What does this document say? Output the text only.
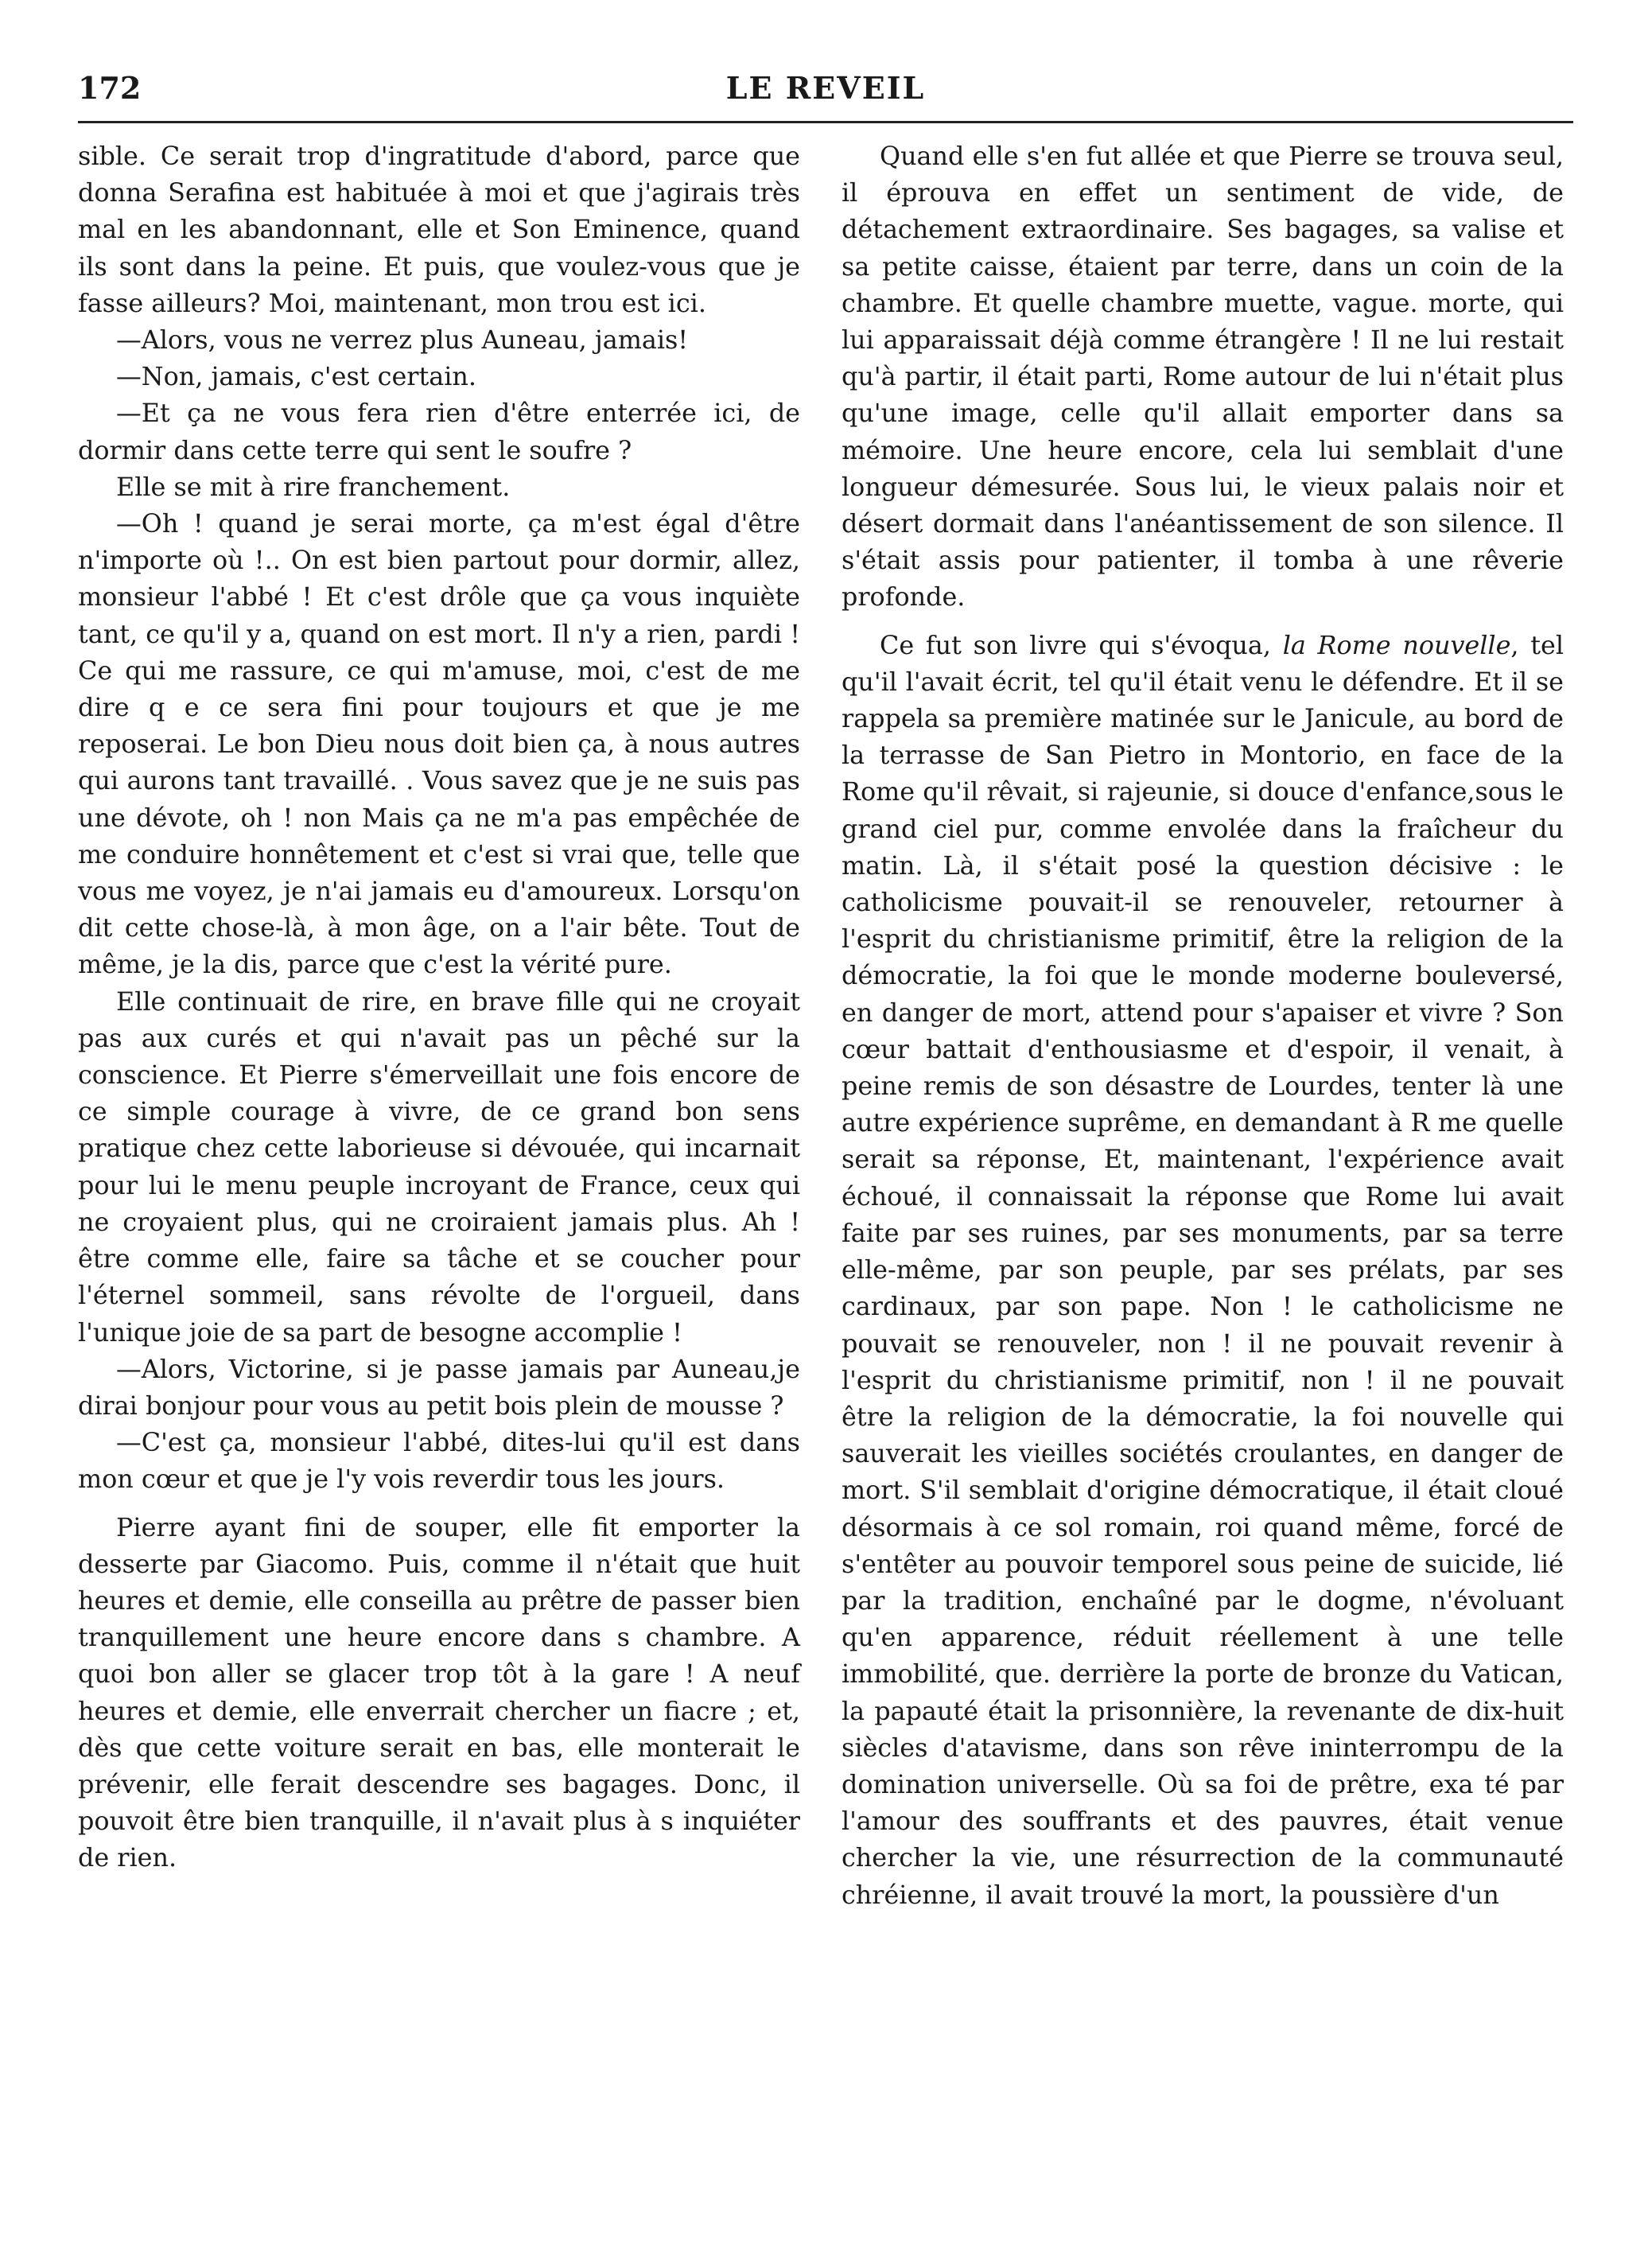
172	LE REVEIL

sible. Ce serait trop d'ingratitude d'abord, parce que donna Serafina est habituée à moi et que j'agirais très mal en les abandonnant, elle et Son Eminence, quand ils sont dans la peine. Et puis, que voulez-vous que je fasse ailleurs? Moi, maintenant, mon trou est ici.

—Alors, vous ne verrez plus Auneau, jamais!

—Non, jamais, c'est certain.

—Et ça ne vous fera rien d'être enterrée ici, de dormir dans cette terre qui sent le soufre ?

Elle se mit à rire franchement.

—Oh ! quand je serai morte, ça m'est égal d'être n'importe où !.. On est bien partout pour dormir, allez, monsieur l'abbé ! Et c'est drôle que ça vous inquiète tant, ce qu'il y a, quand on est mort. Il n'y a rien, pardi ! Ce qui me rassure, ce qui m'amuse, moi, c'est de me dire q e ce sera fini pour toujours et que je me reposerai. Le bon Dieu nous doit bien ça, à nous autres qui aurons tant travaillé. . Vous savez que je ne suis pas une dévote, oh ! non Mais ça ne m'a pas empêchée de me conduire honnêtement et c'est si vrai que, telle que vous me voyez, je n'ai jamais eu d'amoureux. Lorsqu'on dit cette chose-là, à mon âge, on a l'air bête. Tout de même, je la dis, parce que c'est la vérité pure.

Elle continuait de rire, en brave fille qui ne croyait pas aux curés et qui n'avait pas un pêché sur la conscience. Et Pierre s'émerveillait une fois encore de ce simple courage à vivre, de ce grand bon sens pratique chez cette laborieuse si dévouée, qui incarnait pour lui le menu peuple incroyant de France, ceux qui ne croyaient plus, qui ne croiraient jamais plus. Ah ! être comme elle, faire sa tâche et se coucher pour l'éternel sommeil, sans révolte de l'orgueil, dans l'unique joie de sa part de besogne accomplie !

—Alors, Victorine, si je passe jamais par Auneau,je dirai bonjour pour vous au petit bois plein de mousse ?

—C'est ça, monsieur l'abbé, dites-lui qu'il est dans mon cœur et que je l'y vois reverdir tous les jours.

Pierre ayant fini de souper, elle fit emporter la desserte par Giacomo. Puis, comme il n'était que huit heures et demie, elle conseilla au prêtre de passer bien tranquillement une heure encore dans s chambre. A quoi bon aller se glacer trop tôt à la gare ! A neuf heures et demie, elle enverrait chercher un fiacre ; et, dès que cette voiture serait en bas, elle monterait le prévenir, elle ferait descendre ses bagages. Donc, il pouvoit être bien tranquille, il n'avait plus à s inquiéter de rien.

Quand elle s'en fut allée et que Pierre se trouva seul, il éprouva en effet un sentiment de vide, de détachement extraordinaire. Ses bagages, sa valise et sa petite caisse, étaient par terre, dans un coin de la chambre. Et quelle chambre muette, vague. morte, qui lui apparaissait déjà comme étrangère ! Il ne lui restait qu'à partir, il était parti, Rome autour de lui n'était plus qu'une image, celle qu'il allait emporter dans sa mémoire. Une heure encore, cela lui semblait d'une longueur démesurée. Sous lui, le vieux palais noir et désert dormait dans l'anéantissement de son silence. Il s'était assis pour patienter, il tomba à une rêverie profonde.

Ce fut son livre qui s'évoqua, la Rome nouvelle, tel qu'il l'avait écrit, tel qu'il était venu le défendre. Et il se rappela sa première matinée sur le Janicule, au bord de la terrasse de San Pietro in Montorio, en face de la Rome qu'il rêvait, si rajeunie, si douce d'enfance,sous le grand ciel pur, comme envolée dans la fraîcheur du matin. Là, il s'était posé la question décisive : le catholicisme pouvait-il se renouveler, retourner à l'esprit du christianisme primitif, être la religion de la démocratie, la foi que le monde moderne bouleversé, en danger de mort, attend pour s'apaiser et vivre ? Son cœur battait d'enthousiasme et d'espoir, il venait, à peine remis de son désastre de Lourdes, tenter là une autre expérience suprême, en demandant à R me quelle serait sa réponse, Et, maintenant, l'expérience avait échoué, il connaissait la réponse que Rome lui avait faite par ses ruines, par ses monuments, par sa terre elle-même, par son peuple, par ses prélats, par ses cardinaux, par son pape. Non ! le catholicisme ne pouvait se renouveler, non ! il ne pouvait revenir à l'esprit du christianisme primitif, non ! il ne pouvait être la religion de la démocratie, la foi nouvelle qui sauverait les vieilles sociétés croulantes, en danger de mort. S'il semblait d'origine démocratique, il était cloué désormais à ce sol romain, roi quand même, forcé de s'entêter au pouvoir temporel sous peine de suicide, lié par la tradition, enchaîné par le dogme, n'évoluant qu'en apparence, réduit réellement à une telle immobilité, que. derrière la porte de bronze du Vatican, la papauté était la prisonnière, la revenante de dix-huit siècles d'atavisme, dans son rêve ininterrompu de la domination universelle. Où sa foi de prêtre, exa té par l'amour des souffrants et des pauvres, était venue chercher la vie, une résurrection de la communauté chréienne, il avait trouvé la mort, la poussière d'un
